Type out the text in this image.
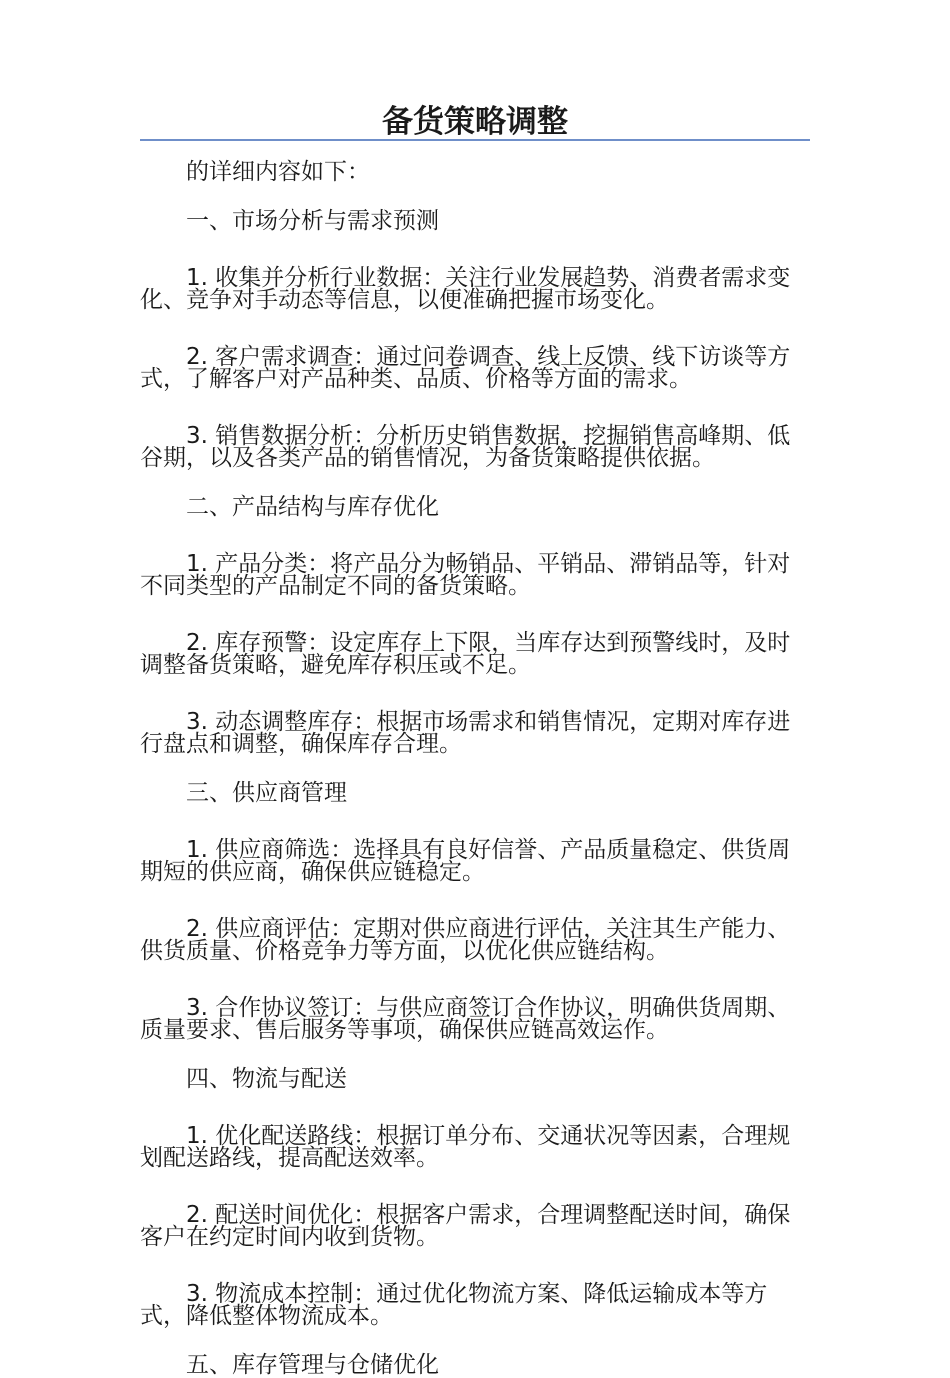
备货策略调整

的详细内容如下：

一、市场分析与需求预测

1. 收集并分析行业数据：关注行业发展趋势、消费者需求变化、竞争对手动态等信息，以便准确把握市场变化。

2. 客户需求调查：通过问卷调查、线上反馈、线下访谈等方式，了解客户对产品种类、品质、价格等方面的需求。

3. 销售数据分析：分析历史销售数据，挖掘销售高峰期、低谷期，以及各类产品的销售情况，为备货策略提供依据。

二、产品结构与库存优化

1. 产品分类：将产品分为畅销品、平销品、滞销品等，针对不同类型的产品制定不同的备货策略。

2. 库存预警：设定库存上下限，当库存达到预警线时，及时调整备货策略，避免库存积压或不足。

3. 动态调整库存：根据市场需求和销售情况，定期对库存进行盘点和调整，确保库存合理。

三、供应商管理

1. 供应商筛选：选择具有良好信誉、产品质量稳定、供货周期短的供应商，确保供应链稳定。

2. 供应商评估：定期对供应商进行评估，关注其生产能力、供货质量、价格竞争力等方面，以优化供应链结构。

3. 合作协议签订：与供应商签订合作协议，明确供货周期、质量要求、售后服务等事项，确保供应链高效运作。

四、物流与配送

1. 优化配送路线：根据订单分布、交通状况等因素，合理规划配送路线，提高配送效率。

2. 配送时间优化：根据客户需求，合理调整配送时间，确保客户在约定时间内收到货物。

3. 物流成本控制：通过优化物流方案、降低运输成本等方式，降低整体物流成本。

五、库存管理与仓储优化
